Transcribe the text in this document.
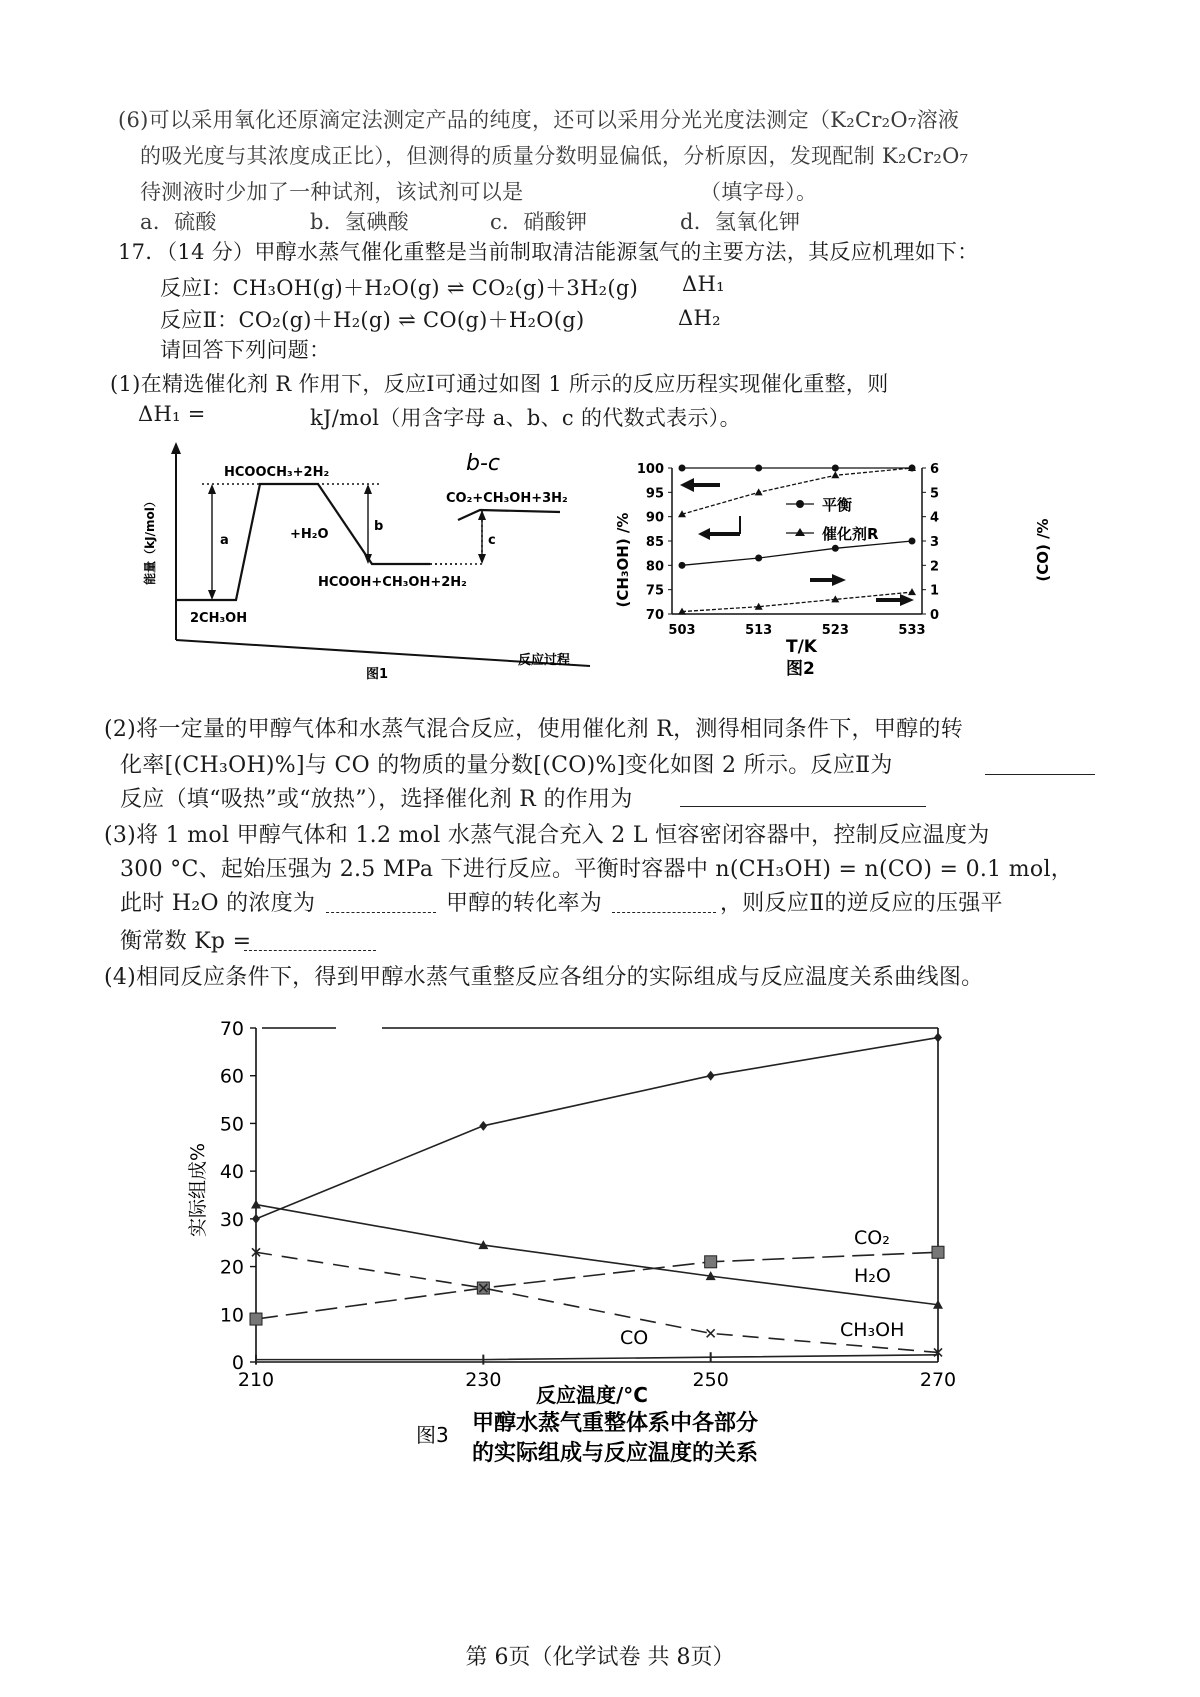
(6)可以采用氧化还原滴定法测定产品的纯度，还可以采用分光光度法测定（K₂Cr₂O₇溶液
的吸光度与其浓度成正比），但测得的质量分数明显偏低，分析原因，发现配制 K₂Cr₂O₇
待测液时少加了一种试剂，该试剂可以是	（填字母）。
a．硫酸	b．氢碘酸	c．硝酸钾	d．氢氧化钾
17．（14 分）甲醇水蒸气催化重整是当前制取清洁能源氢气的主要方法，其反应机理如下：
反应Ⅰ：CH₃OH(g)＋H₂O(g) ⇌ CO₂(g)＋3H₂(g) ΔH₁
反应Ⅱ：CO₂(g)＋H₂(g) ⇌ CO(g)＋H₂O(g)	ΔH₂
请回答下列问题：
(1)在精选催化剂 R 作用下，反应Ⅰ可通过如图 1 所示的反应历程实现催化重整，则
ΔH₁ =	kJ/mol（用含字母 a、b、c 的代数式表示）。
能量（kJ/mol）	a
b
c
2CH₃OH
HCOOCH₃+2H₂
+H₂O
HCOOH+CH₃OH+2H₂
CO₂+CH₃OH+3H₂
b-c
反应过程
图1
(CH₃OH) /%	(CO) /%
70
75
80
85
90
95
100
0
1
2
3
4
5
6
503	513	523	533
平衡
催化剂R
T/K
图2
(2)将一定量的甲醇气体和水蒸气混合反应，使用催化剂 R，测得相同条件下，甲醇的转
化率[(CH₃OH)%]与 CO 的物质的量分数[(CO)%]变化如图 2 所示。反应Ⅱ为
反应（填“吸热”或“放热”），选择催化剂 R 的作用为
(3)将 1 mol 甲醇气体和 1.2 mol 水蒸气混合充入 2 L 恒容密闭容器中，控制反应温度为
300 °C、起始压强为 2.5 MPa 下进行反应。平衡时容器中 n(CH₃OH) = n(CO) = 0.1 mol，
此时 H₂O 的浓度为	甲醇的转化率为	，则反应Ⅱ的逆反应的压强平
衡常数 Kp =
(4)相同反应条件下，得到甲醇水蒸气重整反应各组分的实际组成与反应温度关系曲线图。
实际组成%
0
10
20
30
40
50
60
70
210	230	250	270
CO₂
H₂O
CH₃OH
CO
反应温度/°C
图3 甲醇水蒸气重整体系中各部分
的实际组成与反应温度的关系
第 6页（化学试卷 共 8页）
